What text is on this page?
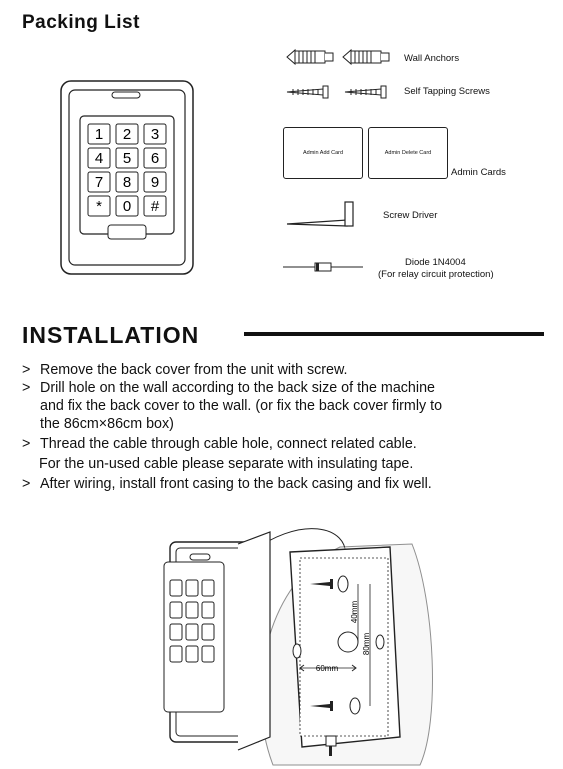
Packing List
1 2 3
4 5 6
7 8 9
* 0 #
Wall Anchors
Self Tapping Screws
Admin Add Card	Admin Delete Card
Admin Cards
Screw Driver
Diode 1N4004
(For relay circuit protection)
INSTALLATION
> Remove the back cover from the unit with screw.
> Drill hole on the wall according to the back size of the machine
and fix the back cover to the wall. (or fix the back cover firmly to
the 86cm×86cm box)
> Thread the cable through cable hole, connect related cable.
For the un-used cable please separate with insulating tape.
> After wiring, install front casing to the back casing and fix well.
60mm
40mm
80mm
